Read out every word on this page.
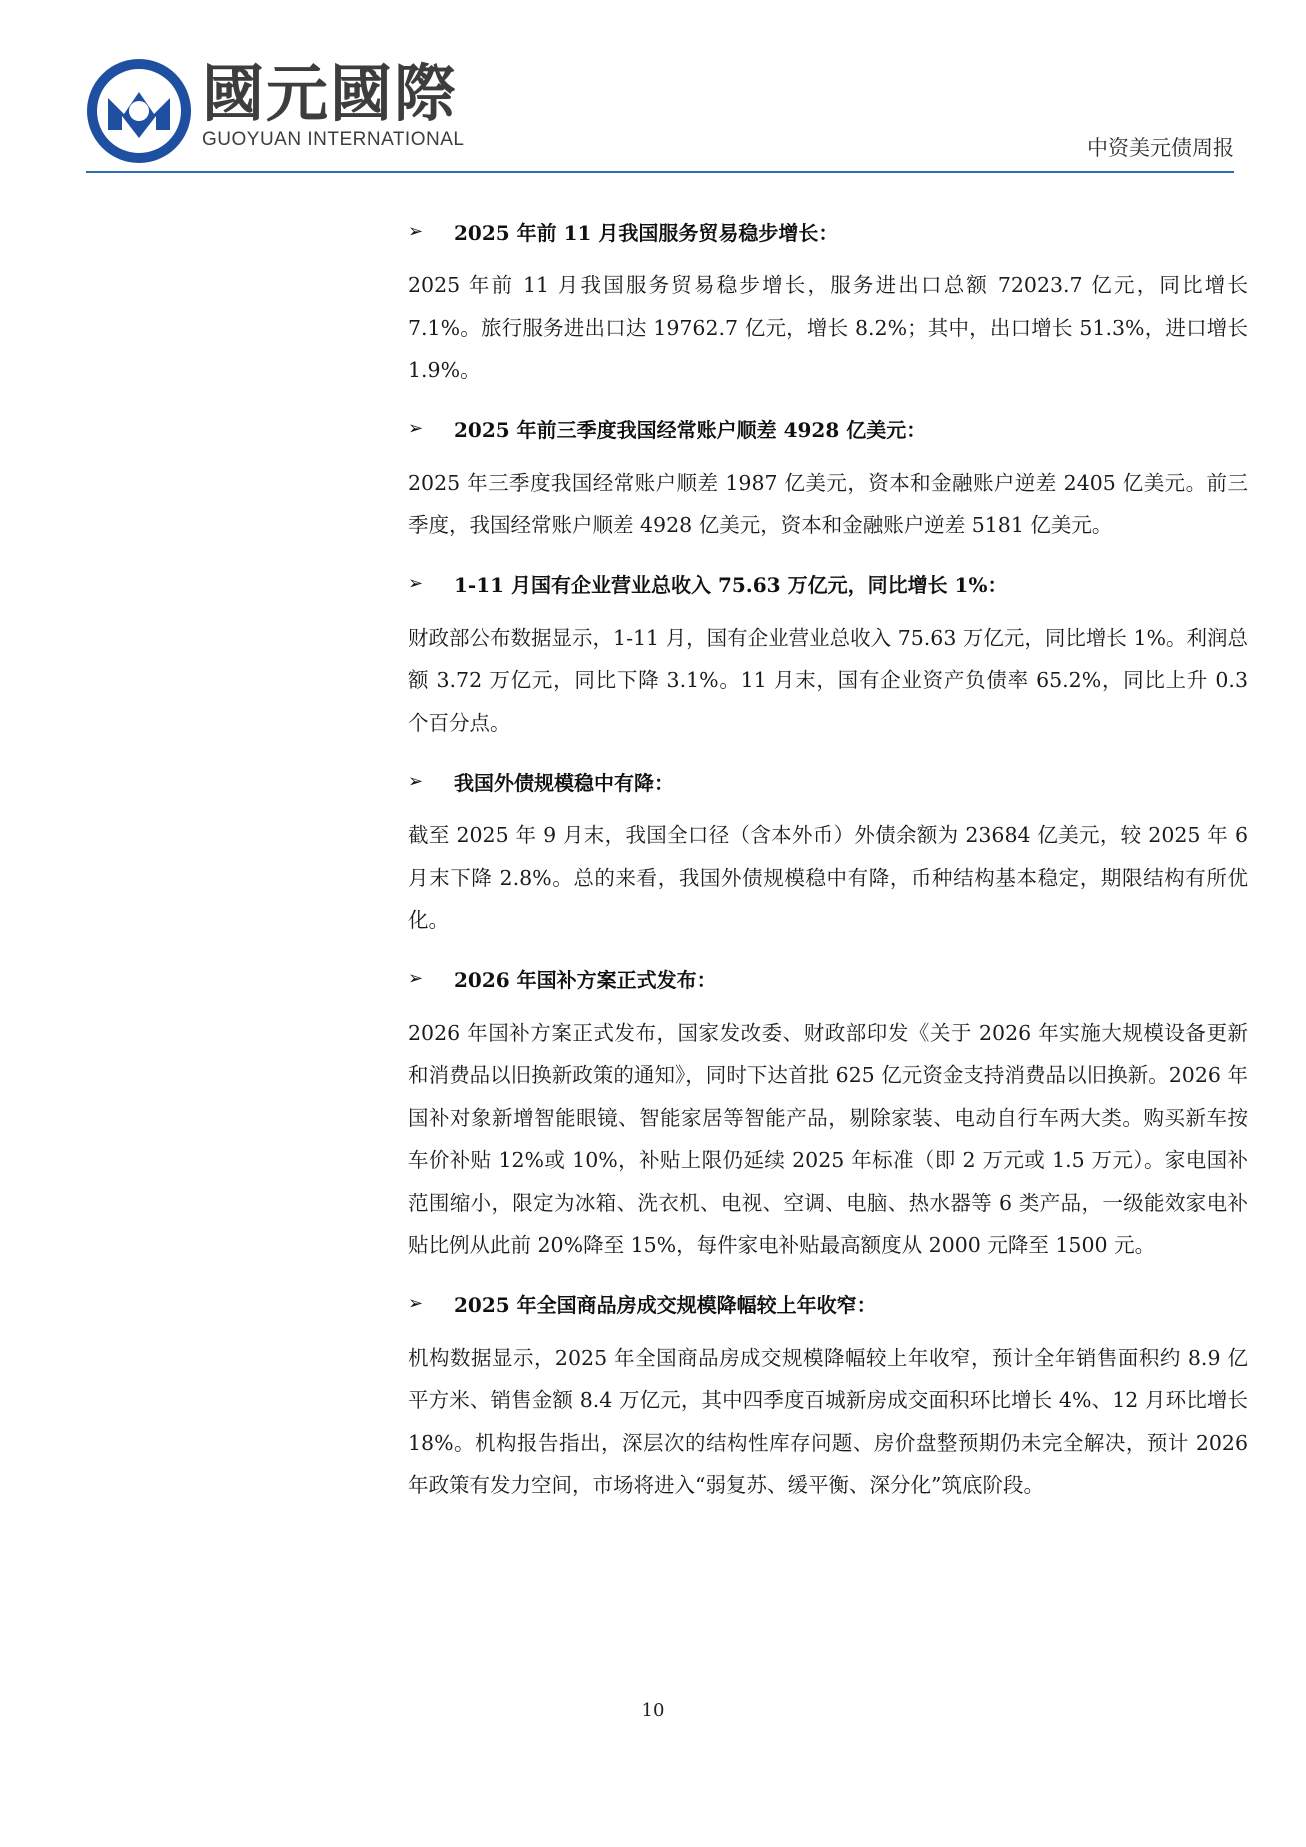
國元國際
GUOYUAN INTERNATIONAL	中资美元债周报
➢	2025 年前 11 月我国服务贸易稳步增长：
2025 年前 11 月我国服务贸易稳步增长，服务进出口总额 72023.7 亿元，同比增长 7.1%。旅行服务进出口达 19762.7 亿元，增长 8.2%；其中，出口增长 51.3%，进口增长 1.9%。
➢	2025 年前三季度我国经常账户顺差 4928 亿美元：
2025 年三季度我国经常账户顺差 1987 亿美元，资本和金融账户逆差 2405 亿美元。前三季度，我国经常账户顺差 4928 亿美元，资本和金融账户逆差 5181 亿美元。
➢	1-11 月国有企业营业总收入 75.63 万亿元，同比增长 1%：
财政部公布数据显示，1-11 月，国有企业营业总收入 75.63 万亿元，同比增长 1%。利润总额 3.72 万亿元，同比下降 3.1%。11 月末，国有企业资产负债率 65.2%，同比上升 0.3 个百分点。
➢	我国外债规模稳中有降：
截至 2025 年 9 月末，我国全口径（含本外币）外债余额为 23684 亿美元，较 2025 年 6 月末下降 2.8%。总的来看，我国外债规模稳中有降，币种结构基本稳定，期限结构有所优化。
➢	2026 年国补方案正式发布：
2026 年国补方案正式发布，国家发改委、财政部印发《关于 2026 年实施大规模设备更新和消费品以旧换新政策的通知》，同时下达首批 625 亿元资金支持消费品以旧换新。2026 年国补对象新增智能眼镜、智能家居等智能产品，剔除家装、电动自行车两大类。购买新车按车价补贴 12%或 10%，补贴上限仍延续 2025 年标准（即 2 万元或 1.5 万元）。家电国补范围缩小，限定为冰箱、洗衣机、电视、空调、电脑、热水器等 6 类产品，一级能效家电补贴比例从此前 20%降至 15%，每件家电补贴最高额度从 2000 元降至 1500 元。
➢	2025 年全国商品房成交规模降幅较上年收窄：
机构数据显示，2025 年全国商品房成交规模降幅较上年收窄，预计全年销售面积约 8.9 亿平方米、销售金额 8.4 万亿元，其中四季度百城新房成交面积环比增长 4%、12 月环比增长 18%。机构报告指出，深层次的结构性库存问题、房价盘整预期仍未完全解决，预计 2026 年政策有发力空间，市场将进入“弱复苏、缓平衡、深分化”筑底阶段。
10
